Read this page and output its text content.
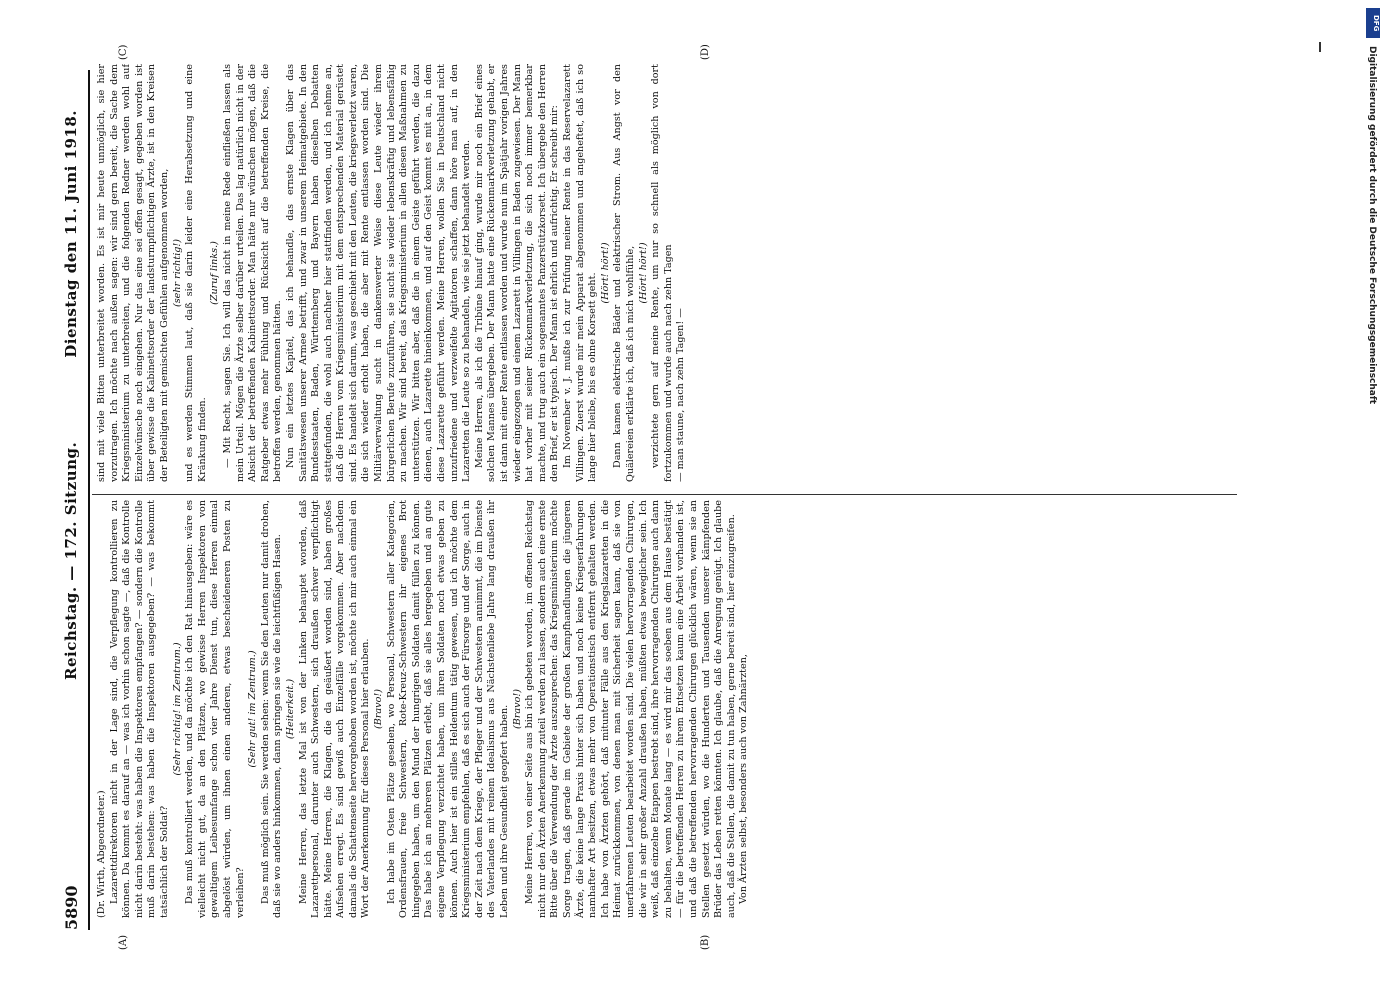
5890
Reichstag. — 172. Sitzung.
Dienstag den 11. Juni 1918.
(A)	(B)
(C)	(D)

(Dr. Wirth, Abgeordneter.) Lazarettdirektoren nicht in der Lage sind, die Verpflegung kontrollieren zu können. Da kommt es darauf an — was ich vorhin schon sagte —, daß die Kontrolle nicht darin besteht: was haben die Inspektoren empfangen? — sondern die Kontrolle muß darin bestehen: was haben die Inspektoren ausgegeben? — was bekommt tatsächlich der Soldat?

(Sehr richtig! im Zentrum.) Das muß kontrolliert werden, und da möchte ich den Rat hinausgeben: wäre es vielleicht nicht gut, da an den Plätzen, wo gewisse Herren Inspektoren von gewaltigem Leibesumfange schon vier Jahre Dienst tun, diese Herren einmal abgelöst würden, um ihnen einen anderen, etwas bescheideneren Posten zu verleihen?

(Sehr gut! im Zentrum.) Das muß möglich sein. Sie werden sehen: wenn Sie den Leuten nur damit drohen, daß sie wo anders hinkommen, dann springen sie wie die leichtfüßigen Hasen. (Heiterkeit.) Meine Herren, das letzte Mal ist von der Linken behauptet worden, daß Lazarettpersonal, darunter auch Schwestern, sich draußen schwer verpflichtigt hätte. Meine Herren, die Klagen, die da geäußert worden sind, haben großes Aufsehen erregt. Es sind gewiß auch Einzelfälle vorgekommen. Aber nachdem damals die Schattenseite hervorgehoben worden ist, möchte ich mir auch einmal ein Wort der Anerkennung für dieses Personal hier erlauben. (Bravo!) Ich habe im Osten Plätze gesehen, wo Personal, Schwestern aller Kategorien, Ordensfrauen, freie Schwestern, Rote-Kreuz-Schwestern ihr eigenes Brot hingegeben haben, um den Mund der hungrigen Soldaten damit füllen zu können. Das habe ich an mehreren Plätzen erlebt, daß sie alles hergegeben und an gute eigene Verpflegung verzichtet haben, um ihren Soldaten noch etwas geben zu können. Auch hier ist ein stilles Heldentum tätig gewesen, und ich möchte dem Kriegsministerium empfehlen, daß es sich auch der Fürsorge und der Sorge, auch in der Zeit nach dem Kriege, der Pfleger und der Schwestern annimmt, die im Dienste des Vaterlandes mit reinem Idealismus aus Nächstenliebe Jahre lang draußen ihr Leben und ihre Gesundheit geopfert haben. (Bravo!) Meine Herren, von einer Seite aus bin ich gebeten worden, im offenen Reichstag nicht nur den Ärzten Anerkennung zuteil werden zu lassen, sondern auch eine ernste Bitte über die Verwendung der Ärzte auszusprechen: das Kriegsministerium möchte Sorge tragen, daß gerade im Gebiete der großen Kampfhandlungen die jüngeren Ärzte, die keine lange Praxis hinter sich haben und noch keine Kriegserfahrungen namhafter Art besitzen, etwas mehr von Operationstisch entfernt gehalten werden. Ich habe von Ärzten gehört, daß mitunter Fälle aus den Kriegslazaretten in die Heimat zurückkommen, von denen man mit Sicherheit sagen kann, daß sie von unerfahrenen Leuten bearbeitet worden sind. Die vielen hervorragenden Chirurgen, die wir in sehr großer Anzahl draußen haben, müßten etwas beweglicher sein. Ich weiß, daß einzelne Etappen bestrebt sind, ihre hervorragenden Chirurgen auch dann zu behalten, wenn Monate lang — es wird mir das soeben aus dem Hause bestätigt — für die betreffenden Herren zu ihrem Entsetzen kaum eine Arbeit vorhanden ist, und daß die betreffenden hervorragenden Chirurgen glücklich wären, wenn sie an Stellen gesetzt würden, wo die Hunderten und Tausenden unserer kämpfenden Brüder das Leben retten könnten. Ich glaube, daß die Anregung genügt. Ich glaube auch, daß die Stellen, die damit zu tun haben, gerne bereit sind, hier einzugreifen. Von Ärzten selbst, besonders auch von Zahnärzten,

sind mit viele Bitten unterbreitet worden. Es ist mir heute unmöglich, sie hier vorzutragen. Ich möchte nach außen sagen: wir sind gern bereit, die Sache dem Kriegsministerium zu unterbreiten, und die folgenden Redner werden wohl auf Einzelwünsche noch eingehen. Nur das eine sei offen gesagt, gegeben worden ist über gewisse die Kabinettsorder der landsturmpflichtigen Ärzte, ist in den Kreisen der Beteiligten mit gemischten Gefühlen aufgenommen worden, (sehr richtig!) und es werden Stimmen laut, daß sie darin leider eine Herabsetzung und eine Kränkung finden.

(Zuruf links.) — Mit Recht, sagen Sie. Ich will das nicht in meine Rede einfließen lassen als mein Urteil. Mögen die Ärzte selber darüber urteilen. Das lag natürlich nicht in der Absicht der betreffenden Kabinettsorder. Man hätte nur wünschen mögen, daß die Ratgeber etwas mehr Fühlung und Rücksicht auf die betreffenden Kreise, die betroffen werden, genommen hätten. Nun ein letztes Kapitel, das ich behandle, das ernste Klagen über das Sanitätswesen unserer Armee betrifft, und zwar in unserem Heimatgebiete. In den Bundesstaaten, Baden, Württemberg und Bayern haben dieselben Debatten stattgefunden, die wohl auch nachher hier stattfinden werden, und ich nehme an, daß die Herren vom Kriegsministerium mit dem entsprechenden Material gerüstet sind. Es handelt sich darum, was geschieht mit den Leuten, die kriegsverletzt waren, die sich wieder erholt haben, die aber mit Rente entlassen worden sind. Die Militärverwaltung sucht in dankenswerter Weise diese Leute wieder ihrem bürgerlichen Berufe zuzuführen, sie sucht sie wieder lebenskräftig und lebensfähig zu machen. Wir sind bereit, das Kriegsministerium in allen diesen Maßnahmen zu unterstützen. Wir bitten aber, daß die in einem Geiste geführt werden, die dazu dienen, auch Lazarette hineinkommen, und auf den Geist kommt es mit an, in dem diese Lazarette geführt werden. Meine Herren, wollen Sie in Deutschland nicht unzufriedene und verzweifelte Agitatoren schaffen, dann höre man auf, in den Lazaretten die Leute so zu behandeln, wie sie jetzt behandelt werden. Meine Herren, als ich die Tribüne hinauf ging, wurde mir noch ein Brief eines solchen Mannes übergeben. Der Mann hatte eine Rückenmarkverletzung gehabt, er ist dann mit einer Rente entlassen worden und wurde nun im Spätjahr vorigen Jahres wieder eingezogen und einem Lazarett in Villingen in Baden zugewiesen. Der Mann hat vorher mit seiner Rückenmarkverletzung, die sich noch immer bemerkbar machte, und trug auch ein sogenanntes Panzerstützkorsett. Ich übergebe den Herren den Brief, er ist typisch. Der Mann ist ehrlich und aufrichtig. Er schreibt mir: Im November v. J. mußte ich zur Prüfung meiner Rente in das Reservelazarett Villingen. Zuerst wurde mir mein Apparat abgenommen und angeheftet, daß ich so lange hier bleibe, bis es ohne Korsett geht. (Hört! hört!) Dann kamen elektrische Bäder und elektrischer Strom. Aus Angst vor den Quälereien erklärte ich, daß ich mich wohlfühle, (Hört! hört!) verzichtete gern auf meine Rente, um nur so schnell als möglich von dort fortzukommen und wurde auch nach zehn Tagen — man staune, nach zehn Tagen! —

DFG
Digitalisierung gefördert durch die Deutsche Forschungsgemeinschaft
